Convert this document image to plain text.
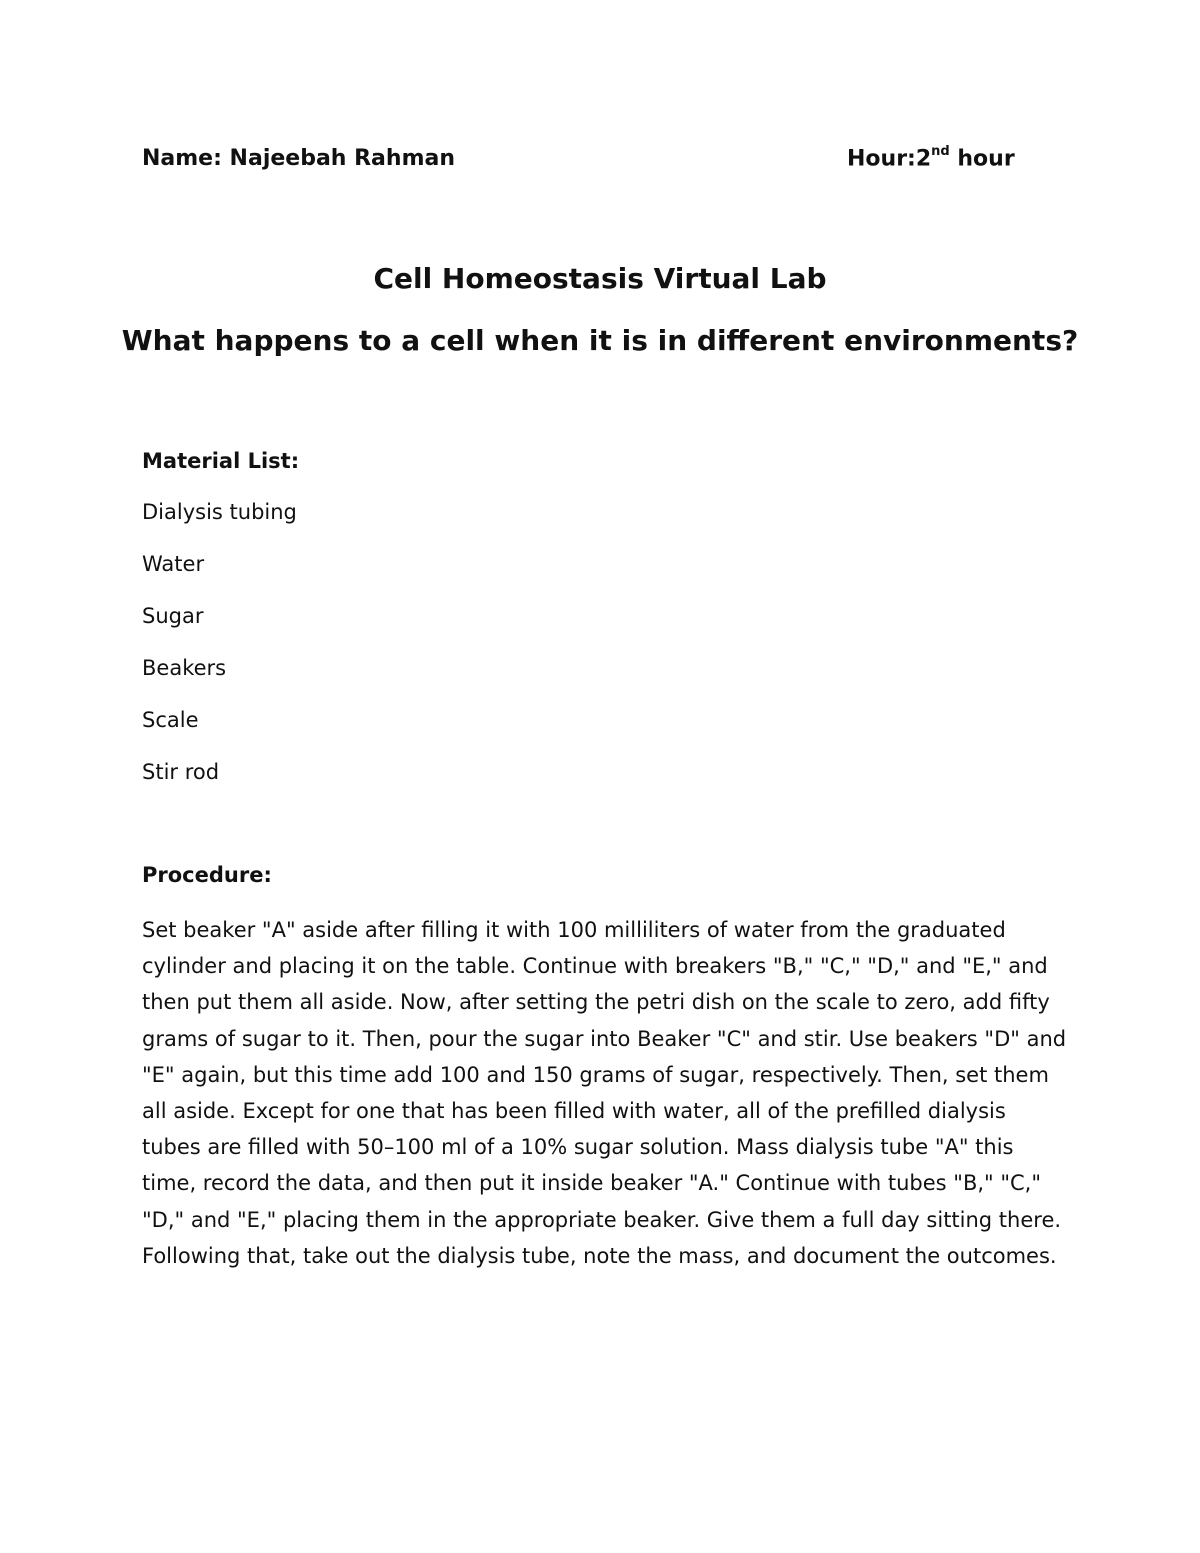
Name: Najeebah Rahman	Hour:2nd hour
Cell Homeostasis Virtual Lab
What happens to a cell when it is in different environments?
Material List:
Dialysis tubing
Water
Sugar
Beakers
Scale
Stir rod
Procedure:

Set beaker "A" aside after filling it with 100 milliliters of water from the graduated cylinder and placing it on the table. Continue with breakers "B," "C," "D," and "E," and then put them all aside. Now, after setting the petri dish on the scale to zero, add fifty grams of sugar to it. Then, pour the sugar into Beaker "C" and stir. Use beakers "D" and "E" again, but this time add 100 and 150 grams of sugar, respectively. Then, set them all aside. Except for one that has been filled with water, all of the prefilled dialysis tubes are filled with 50–100 ml of a 10% sugar solution. Mass dialysis tube "A" this time, record the data, and then put it inside beaker "A." Continue with tubes "B," "C," "D," and "E," placing them in the appropriate beaker. Give them a full day sitting there. Following that, take out the dialysis tube, note the mass, and document the outcomes.
